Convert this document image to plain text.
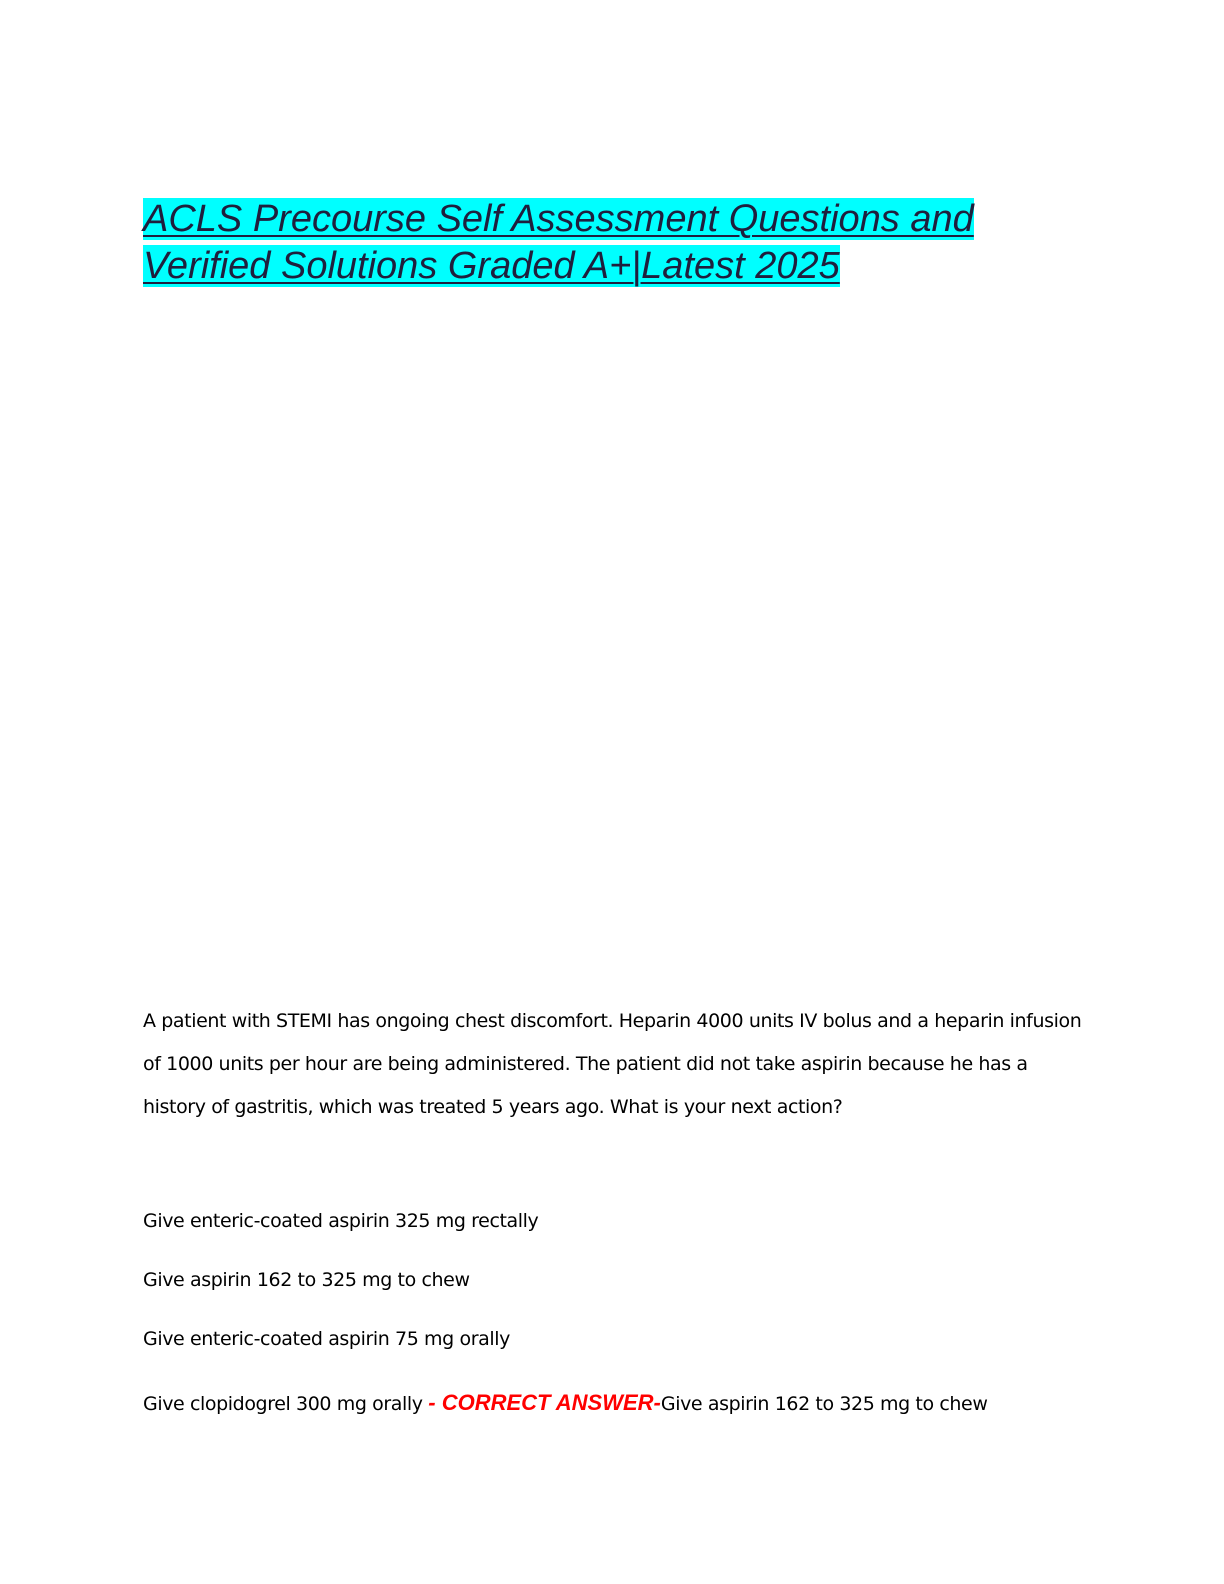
ACLS Precourse Self Assessment Questions and Verified Solutions Graded A+|Latest 2025

A patient with STEMI has ongoing chest discomfort. Heparin 4000 units IV bolus and a heparin infusion of 1000 units per hour are being administered. The patient did not take aspirin because he has a history of gastritis, which was treated 5 years ago. What is your next action?

Give enteric-coated aspirin 325 mg rectally

Give aspirin 162 to 325 mg to chew

Give enteric-coated aspirin 75 mg orally

Give clopidogrel 300 mg orally - CORRECT ANSWER-Give aspirin 162 to 325 mg to chew
